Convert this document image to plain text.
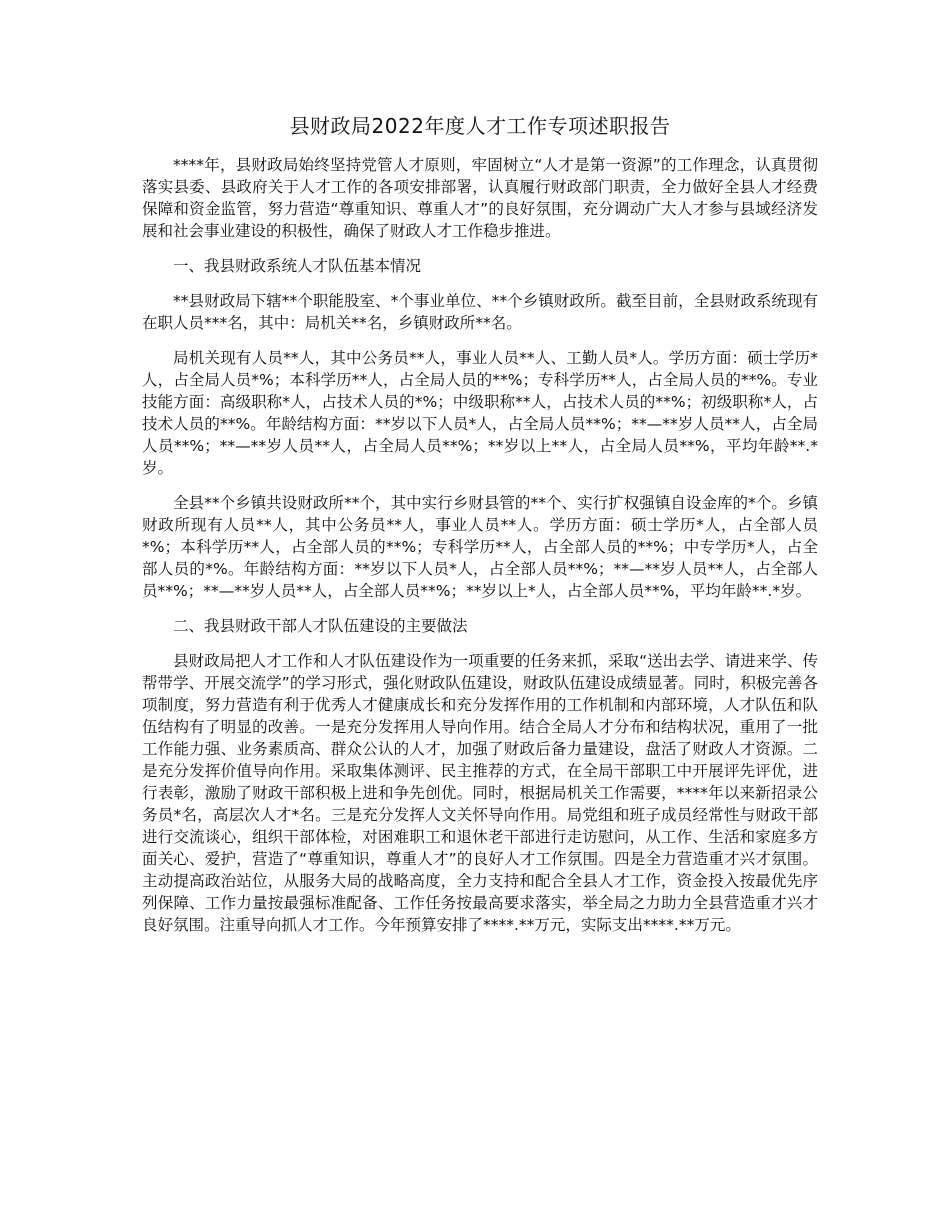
县财政局2022年度人才工作专项述职报告

****年，县财政局始终坚持党管人才原则，牢固树立“人才是第一资源”的工作理念，认真贯彻落实县委、县政府关于人才工作的各项安排部署，认真履行财政部门职责，全力做好全县人才经费保障和资金监管，努力营造“尊重知识、尊重人才”的良好氛围，充分调动广大人才参与县域经济发展和社会事业建设的积极性，确保了财政人才工作稳步推进。

一、我县财政系统人才队伍基本情况

**县财政局下辖**个职能股室、*个事业单位、**个乡镇财政所。截至目前，全县财政系统现有在职人员***名，其中：局机关**名，乡镇财政所**名。

局机关现有人员**人，其中公务员**人，事业人员**人、工勤人员*人。学历方面：硕士学历*人，占全局人员*%；本科学历**人，占全局人员的**%；专科学历**人，占全局人员的**%。专业技能方面：高级职称*人，占技术人员的*%；中级职称**人，占技术人员的**%；初级职称*人，占技术人员的**%。年龄结构方面：**岁以下人员*人，占全局人员**%；**—**岁人员**人，占全局人员**%；**—**岁人员**人，占全局人员**%；**岁以上**人，占全局人员**%，平均年龄**.*岁。

全县**个乡镇共设财政所**个，其中实行乡财县管的**个、实行扩权强镇自设金库的*个。乡镇财政所现有人员**人，其中公务员**人，事业人员**人。学历方面：硕士学历*人，占全部人员*%；本科学历**人，占全部人员的**%；专科学历**人，占全部人员的**%；中专学历*人，占全部人员的*%。年龄结构方面：**岁以下人员*人，占全部人员**%；**—**岁人员**人，占全部人员**%；**—**岁人员**人，占全部人员**%；**岁以上*人，占全部人员**%，平均年龄**.*岁。

二、我县财政干部人才队伍建设的主要做法

县财政局把人才工作和人才队伍建设作为一项重要的任务来抓，采取“送出去学、请进来学、传帮带学、开展交流学”的学习形式，强化财政队伍建设，财政队伍建设成绩显著。同时，积极完善各项制度，努力营造有利于优秀人才健康成长和充分发挥作用的工作机制和内部环境，人才队伍和队伍结构有了明显的改善。一是充分发挥用人导向作用。结合全局人才分布和结构状况，重用了一批工作能力强、业务素质高、群众公认的人才，加强了财政后备力量建设，盘活了财政人才资源。二是充分发挥价值导向作用。采取集体测评、民主推荐的方式，在全局干部职工中开展评先评优，进行表彰，激励了财政干部积极上进和争先创优。同时，根据局机关工作需要，****年以来新招录公务员*名，高层次人才*名。三是充分发挥人文关怀导向作用。局党组和班子成员经常性与财政干部进行交流谈心，组织干部体检，对困难职工和退休老干部进行走访慰问，从工作、生活和家庭多方面关心、爱护，营造了“尊重知识，尊重人才”的良好人才工作氛围。四是全力营造重才兴才氛围。主动提高政治站位，从服务大局的战略高度，全力支持和配合全县人才工作，资金投入按最优先序列保障、工作力量按最强标准配备、工作任务按最高要求落实，举全局之力助力全县营造重才兴才良好氛围。注重导向抓人才工作。今年预算安排了****.**万元，实际支出****.**万元。
